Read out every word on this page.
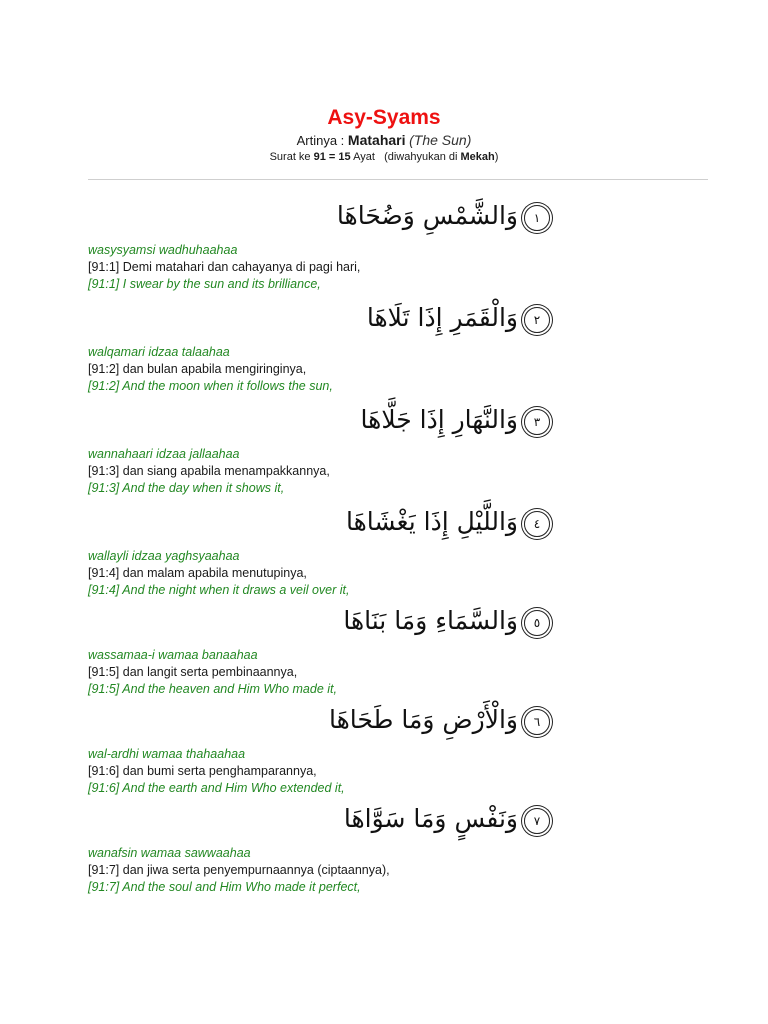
Asy-Syams
Artinya : Matahari (The Sun)
Surat ke 91 = 15 Ayat (diwahyukan di Mekah)
١وَالشَّمْسِ وَضُحَاهَا
wasysyamsi wadhuhaahaa
[91:1] Demi matahari dan cahayanya di pagi hari,
[91:1] I swear by the sun and its brilliance,
٢وَالْقَمَرِ إِذَا تَلَاهَا
walqamari idzaa talaahaa
[91:2] dan bulan apabila mengiringinya,
[91:2] And the moon when it follows the sun,
٣وَالنَّهَارِ إِذَا جَلَّاهَا
wannahaari idzaa jallaahaa
[91:3] dan siang apabila menampakkannya,
[91:3] And the day when it shows it,
٤وَاللَّيْلِ إِذَا يَغْشَاهَا
wallayli idzaa yaghsyaahaa
[91:4] dan malam apabila menutupinya,
[91:4] And the night when it draws a veil over it,
٥وَالسَّمَاءِ وَمَا بَنَاهَا
wassamaa-i wamaa banaahaa
[91:5] dan langit serta pembinaannya,
[91:5] And the heaven and Him Who made it,
٦وَالْأَرْضِ وَمَا طَحَاهَا
wal-ardhi wamaa thahaahaa
[91:6] dan bumi serta penghamparannya,
[91:6] And the earth and Him Who extended it,
٧وَنَفْسٍ وَمَا سَوَّاهَا
wanafsin wamaa sawwaahaa
[91:7] dan jiwa serta penyempurnaannya (ciptaannya),
[91:7] And the soul and Him Who made it perfect,
